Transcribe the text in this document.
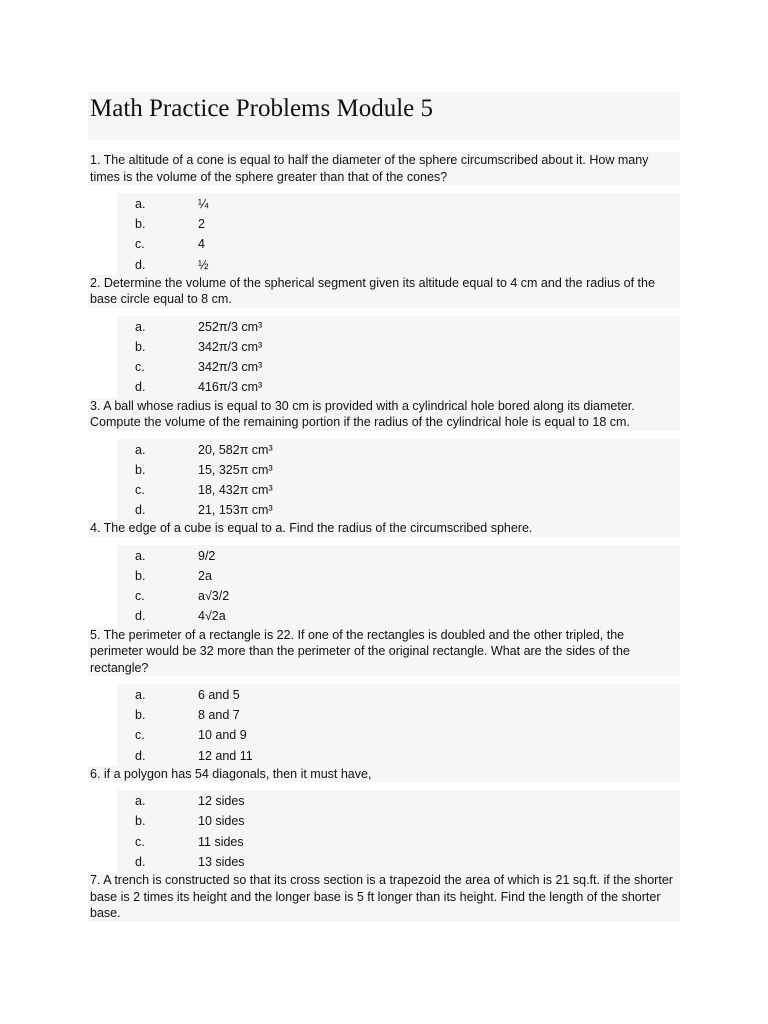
Math Practice Problems Module 5
1. The altitude of a cone is equal to half the diameter of the sphere circumscribed about it. How many times is the volume of the sphere greater than that of the cones?
a.	¼
b.	2
c.	4
d.	½
2. Determine the volume of the spherical segment given its altitude equal to 4 cm and the radius of the base circle equal to 8 cm.
a.	252π/3 cm³
b.	342π/3 cm³
c.	342π/3 cm³
d.	416π/3 cm³
3. A ball whose radius is equal to 30 cm is provided with a cylindrical hole bored along its diameter. Compute the volume of the remaining portion if the radius of the cylindrical hole is equal to 18 cm.
a.	20, 582π cm³
b.	15, 325π cm³
c.	18, 432π cm³
d.	21, 153π cm³
4. The edge of a cube is equal to a. Find the radius of the circumscribed sphere.
a.	9/2
b.	2a
c.	a√3/2
d.	4√2a
5. The perimeter of a rectangle is 22. If one of the rectangles is doubled and the other tripled, the perimeter would be 32 more than the perimeter of the original rectangle. What are the sides of the rectangle?
a.	6 and 5
b.	8 and 7
c.	10 and 9
d.	12 and 11
6. if a polygon has 54 diagonals, then it must have,
a.	12 sides
b.	10 sides
c.	11 sides
d.	13 sides
7. A trench is constructed so that its cross section is a trapezoid the area of which is 21 sq.ft. if the shorter base is 2 times its height and the longer base is 5 ft longer than its height. Find the length of the shorter base.
